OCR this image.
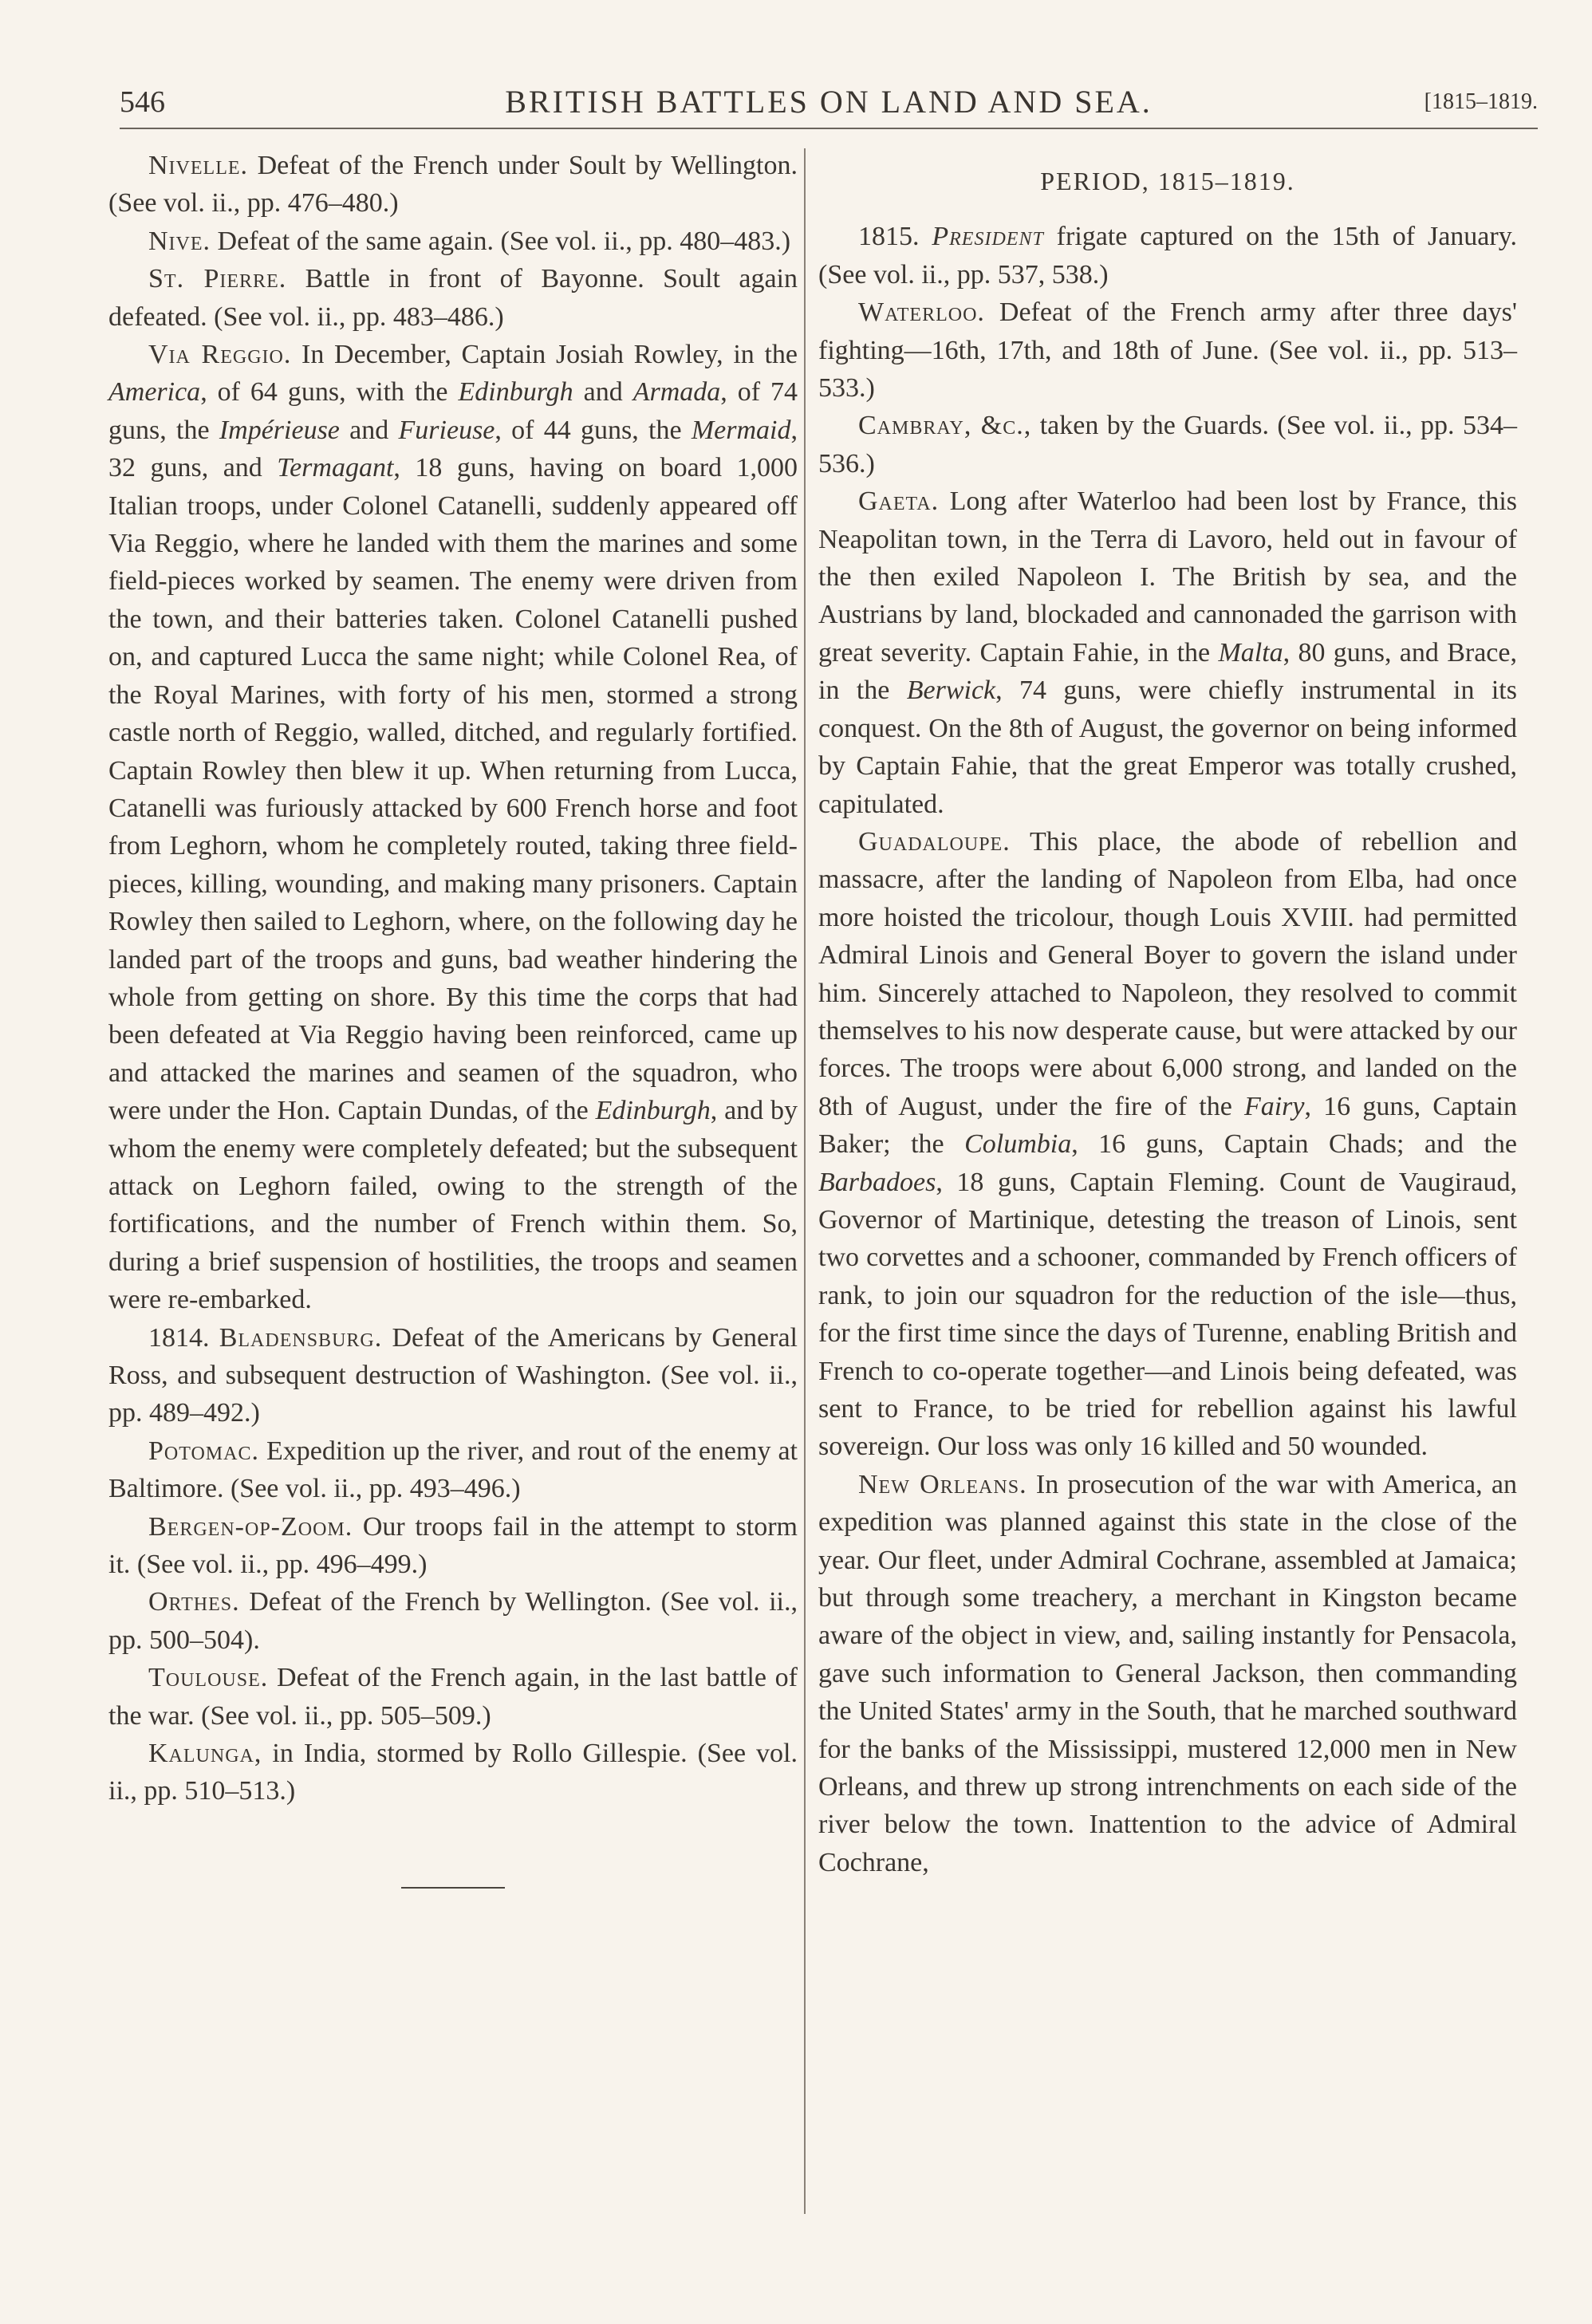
546	BRITISH BATTLES ON LAND AND SEA.	[1815–1819.

Nivelle. Defeat of the French under Soult by Wellington. (See vol. ii., pp. 476–480.)

Nive. Defeat of the same again. (See vol. ii., pp. 480–483.)

St. Pierre. Battle in front of Bayonne. Soult again defeated. (See vol. ii., pp. 483–486.)

Via Reggio. In December, Captain Josiah Rowley, in the America, of 64 guns, with the Edinburgh and Armada, of 74 guns, the Impérieuse and Furieuse, of 44 guns, the Mermaid, 32 guns, and Termagant, 18 guns, having on board 1,000 Italian troops, under Colonel Catanelli, suddenly appeared off Via Reggio, where he landed with them the marines and some field-pieces worked by seamen. The enemy were driven from the town, and their batteries taken. Colonel Catanelli pushed on, and captured Lucca the same night; while Colonel Rea, of the Royal Marines, with forty of his men, stormed a strong castle north of Reggio, walled, ditched, and regularly fortified. Captain Rowley then blew it up. When returning from Lucca, Catanelli was furiously attacked by 600 French horse and foot from Leghorn, whom he completely routed, taking three field-pieces, killing, wounding, and making many prisoners. Captain Rowley then sailed to Leghorn, where, on the following day he landed part of the troops and guns, bad weather hindering the whole from getting on shore. By this time the corps that had been defeated at Via Reggio having been reinforced, came up and attacked the marines and seamen of the squadron, who were under the Hon. Captain Dundas, of the Edinburgh, and by whom the enemy were completely defeated; but the subsequent attack on Leghorn failed, owing to the strength of the fortifications, and the number of French within them. So, during a brief suspension of hostilities, the troops and seamen were re-embarked.

1814. Bladensburg. Defeat of the Americans by General Ross, and subsequent destruction of Washington. (See vol. ii., pp. 489–492.)

Potomac. Expedition up the river, and rout of the enemy at Baltimore. (See vol. ii., pp. 493–496.)

Bergen-op-Zoom. Our troops fail in the attempt to storm it. (See vol. ii., pp. 496–499.)

Orthes. Defeat of the French by Wellington. (See vol. ii., pp. 500–504).

Toulouse. Defeat of the French again, in the last battle of the war. (See vol. ii., pp. 505–509.)

Kalunga, in India, stormed by Rollo Gillespie. (See vol. ii., pp. 510–513.)

PERIOD, 1815–1819.

1815. President frigate captured on the 15th of January. (See vol. ii., pp. 537, 538.)

Waterloo. Defeat of the French army after three days' fighting—16th, 17th, and 18th of June. (See vol. ii., pp. 513–533.)

Cambray, &c., taken by the Guards. (See vol. ii., pp. 534–536.)

Gaeta. Long after Waterloo had been lost by France, this Neapolitan town, in the Terra di Lavoro, held out in favour of the then exiled Napoleon I. The British by sea, and the Austrians by land, blockaded and cannonaded the garrison with great severity. Captain Fahie, in the Malta, 80 guns, and Brace, in the Berwick, 74 guns, were chiefly instrumental in its conquest. On the 8th of August, the governor on being informed by Captain Fahie, that the great Emperor was totally crushed, capitulated.

Guadaloupe. This place, the abode of rebellion and massacre, after the landing of Napoleon from Elba, had once more hoisted the tricolour, though Louis XVIII. had permitted Admiral Linois and General Boyer to govern the island under him. Sincerely attached to Napoleon, they resolved to commit themselves to his now desperate cause, but were attacked by our forces. The troops were about 6,000 strong, and landed on the 8th of August, under the fire of the Fairy, 16 guns, Captain Baker; the Columbia, 16 guns, Captain Chads; and the Barbadoes, 18 guns, Captain Fleming. Count de Vaugiraud, Governor of Martinique, detesting the treason of Linois, sent two corvettes and a schooner, commanded by French officers of rank, to join our squadron for the reduction of the isle—thus, for the first time since the days of Turenne, enabling British and French to co-operate together—and Linois being defeated, was sent to France, to be tried for rebellion against his lawful sovereign. Our loss was only 16 killed and 50 wounded.

New Orleans. In prosecution of the war with America, an expedition was planned against this state in the close of the year. Our fleet, under Admiral Cochrane, assembled at Jamaica; but through some treachery, a merchant in Kingston became aware of the object in view, and, sailing instantly for Pensacola, gave such information to General Jackson, then commanding the United States' army in the South, that he marched southward for the banks of the Mississippi, mustered 12,000 men in New Orleans, and threw up strong intrenchments on each side of the river below the town. Inattention to the advice of Admiral Cochrane,
